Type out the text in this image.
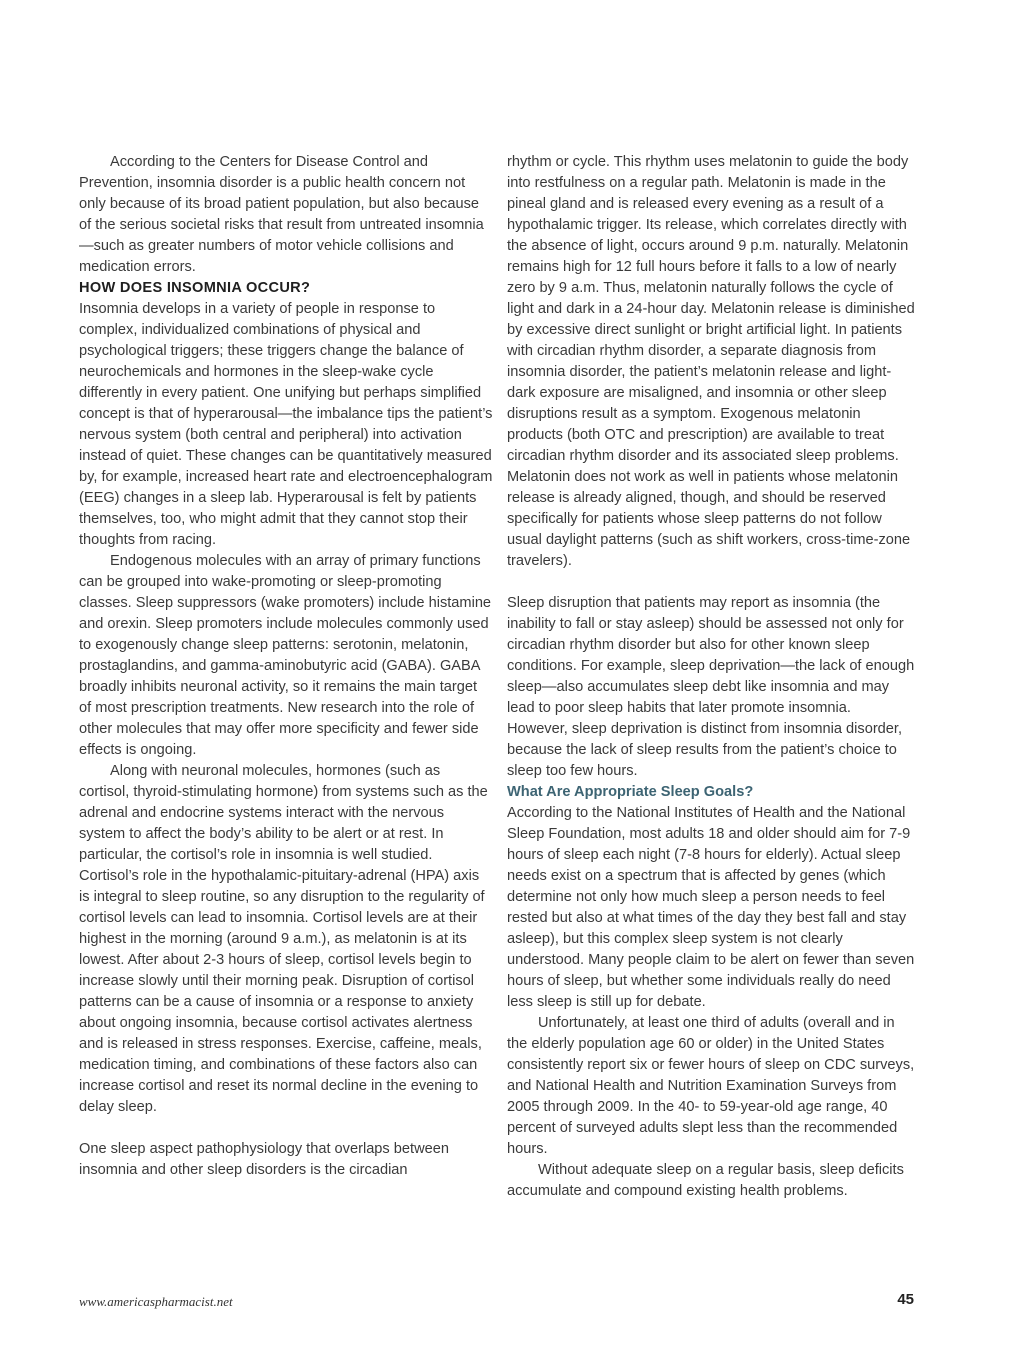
According to the Centers for Disease Control and Prevention, insomnia disorder is a public health concern not only because of its broad patient population, but also because of the serious societal risks that result from untreated insomnia—such as greater numbers of motor vehicle collisions and medication errors.

HOW DOES INSOMNIA OCCUR?

Insomnia develops in a variety of people in response to complex, individualized combinations of physical and psychological triggers; these triggers change the balance of neurochemicals and hormones in the sleep-wake cycle differently in every patient. One unifying but perhaps simplified concept is that of hyperarousal—the imbalance tips the patient’s nervous system (both central and peripheral) into activation instead of quiet. These changes can be quantitatively measured by, for example, increased heart rate and electroencephalogram (EEG) changes in a sleep lab. Hyperarousal is felt by patients themselves, too, who might admit that they cannot stop their thoughts from racing.

Endogenous molecules with an array of primary functions can be grouped into wake-promoting or sleep-promoting classes. Sleep suppressors (wake promoters) include histamine and orexin. Sleep promoters include molecules commonly used to exogenously change sleep patterns: serotonin, melatonin, prostaglandins, and gamma-aminobutyric acid (GABA). GABA broadly inhibits neuronal activity, so it remains the main target of most prescription treatments. New research into the role of other molecules that may offer more specificity and fewer side effects is ongoing.

Along with neuronal molecules, hormones (such as cortisol, thyroid-stimulating hormone) from systems such as the adrenal and endocrine systems interact with the nervous system to affect the body’s ability to be alert or at rest. In particular, the cortisol’s role in insomnia is well studied. Cortisol’s role in the hypothalamic-pituitary-adrenal (HPA) axis is integral to sleep routine, so any disruption to the regularity of cortisol levels can lead to insomnia. Cortisol levels are at their highest in the morning (around 9 a.m.), as melatonin is at its lowest. After about 2-3 hours of sleep, cortisol levels begin to increase slowly until their morning peak. Disruption of cortisol patterns can be a cause of insomnia or a response to anxiety about ongoing insomnia, because cortisol activates alertness and is released in stress responses. Exercise, caffeine, meals, medication timing, and combinations of these factors also can increase cortisol and reset its normal decline in the evening to delay sleep.

One sleep aspect pathophysiology that overlaps between insomnia and other sleep disorders is the circadian

rhythm or cycle. This rhythm uses melatonin to guide the body into restfulness on a regular path. Melatonin is made in the pineal gland and is released every evening as a result of a hypothalamic trigger. Its release, which correlates directly with the absence of light, occurs around 9 p.m. naturally. Melatonin remains high for 12 full hours before it falls to a low of nearly zero by 9 a.m. Thus, melatonin naturally follows the cycle of light and dark in a 24-hour day. Melatonin release is diminished by excessive direct sunlight or bright artificial light. In patients with circadian rhythm disorder, a separate diagnosis from insomnia disorder, the patient’s melatonin release and light-dark exposure are misaligned, and insomnia or other sleep disruptions result as a symptom. Exogenous melatonin products (both OTC and prescription) are available to treat circadian rhythm disorder and its associated sleep problems. Melatonin does not work as well in patients whose melatonin release is already aligned, though, and should be reserved specifically for patients whose sleep patterns do not follow usual daylight patterns (such as shift workers, cross-time-zone travelers).

Sleep disruption that patients may report as insomnia (the inability to fall or stay asleep) should be assessed not only for circadian rhythm disorder but also for other known sleep conditions. For example, sleep deprivation—the lack of enough sleep—also accumulates sleep debt like insomnia and may lead to poor sleep habits that later promote insomnia. However, sleep deprivation is distinct from insomnia disorder, because the lack of sleep results from the patient’s choice to sleep too few hours.

What Are Appropriate Sleep Goals?

According to the National Institutes of Health and the National Sleep Foundation, most adults 18 and older should aim for 7-9 hours of sleep each night (7-8 hours for elderly). Actual sleep needs exist on a spectrum that is affected by genes (which determine not only how much sleep a person needs to feel rested but also at what times of the day they best fall and stay asleep), but this complex sleep system is not clearly understood. Many people claim to be alert on fewer than seven hours of sleep, but whether some individuals really do need less sleep is still up for debate.

Unfortunately, at least one third of adults (overall and in the elderly population age 60 or older) in the United States consistently report six or fewer hours of sleep on CDC surveys, and National Health and Nutrition Examination Surveys from 2005 through 2009. In the 40- to 59-year-old age range, 40 percent of surveyed adults slept less than the recommended hours.

Without adequate sleep on a regular basis, sleep deficits accumulate and compound existing health problems.

www.americaspharmacist.net	45
